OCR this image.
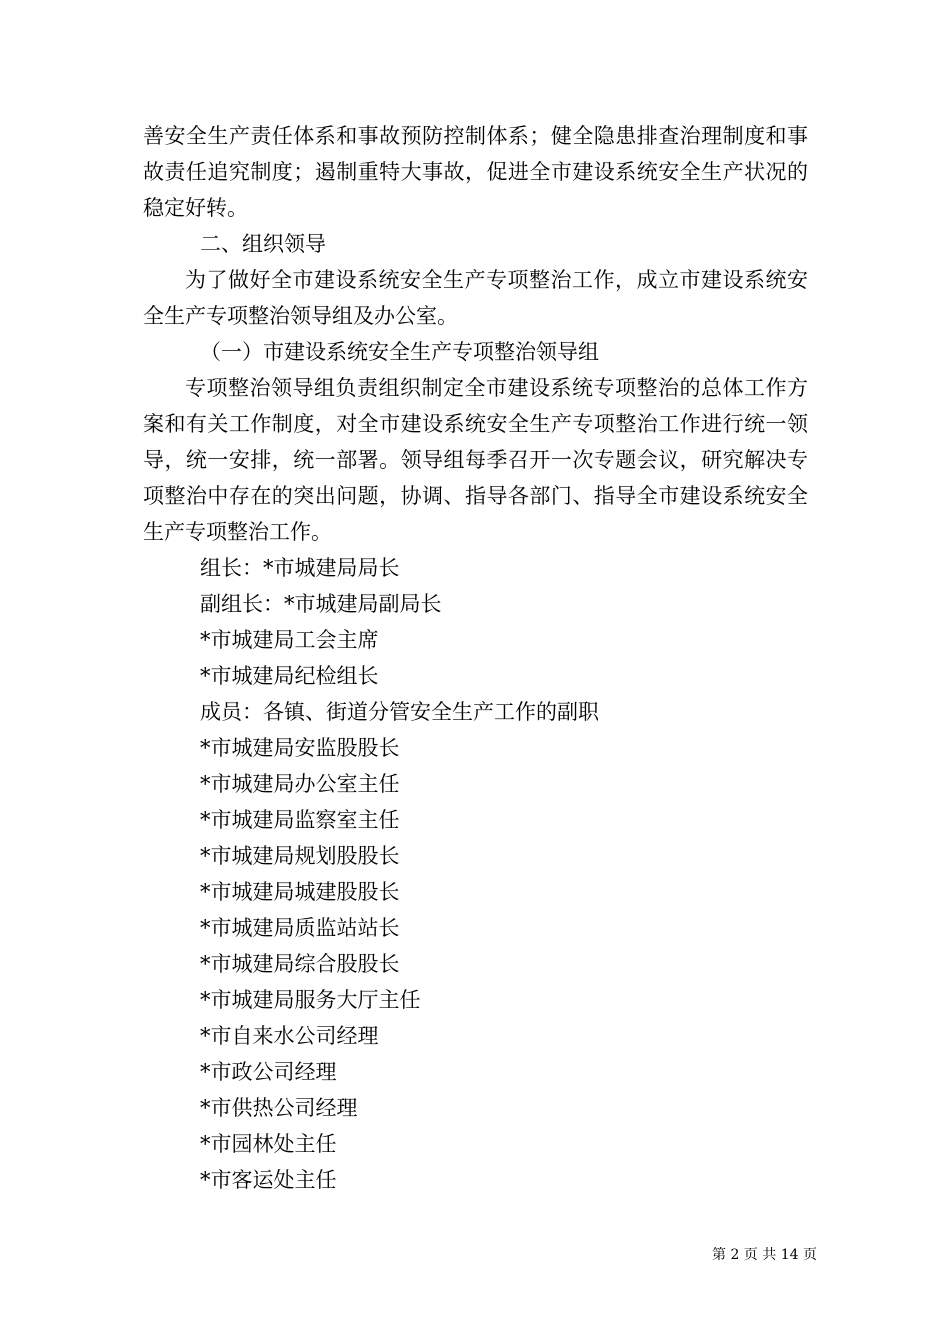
善安全生产责任体系和事故预防控制体系；健全隐患排查治理制度和事故责任追究制度；遏制重特大事故，促进全市建设系统安全生产状况的稳定好转。

二、组织领导

为了做好全市建设系统安全生产专项整治工作，成立市建设系统安全生产专项整治领导组及办公室。

（一）市建设系统安全生产专项整治领导组

专项整治领导组负责组织制定全市建设系统专项整治的总体工作方案和有关工作制度，对全市建设系统安全生产专项整治工作进行统一领导，统一安排，统一部署。领导组每季召开一次专题会议，研究解决专项整治中存在的突出问题，协调、指导各部门、指导全市建设系统安全生产专项整治工作。

组长：*市城建局局长

副组长：*市城建局副局长

*市城建局工会主席

*市城建局纪检组长

成员：各镇、街道分管安全生产工作的副职

*市城建局安监股股长

*市城建局办公室主任

*市城建局监察室主任

*市城建局规划股股长

*市城建局城建股股长

*市城建局质监站站长

*市城建局综合股股长

*市城建局服务大厅主任

*市自来水公司经理

*市政公司经理

*市供热公司经理

*市园林处主任

*市客运处主任

第 2 页 共 14 页
